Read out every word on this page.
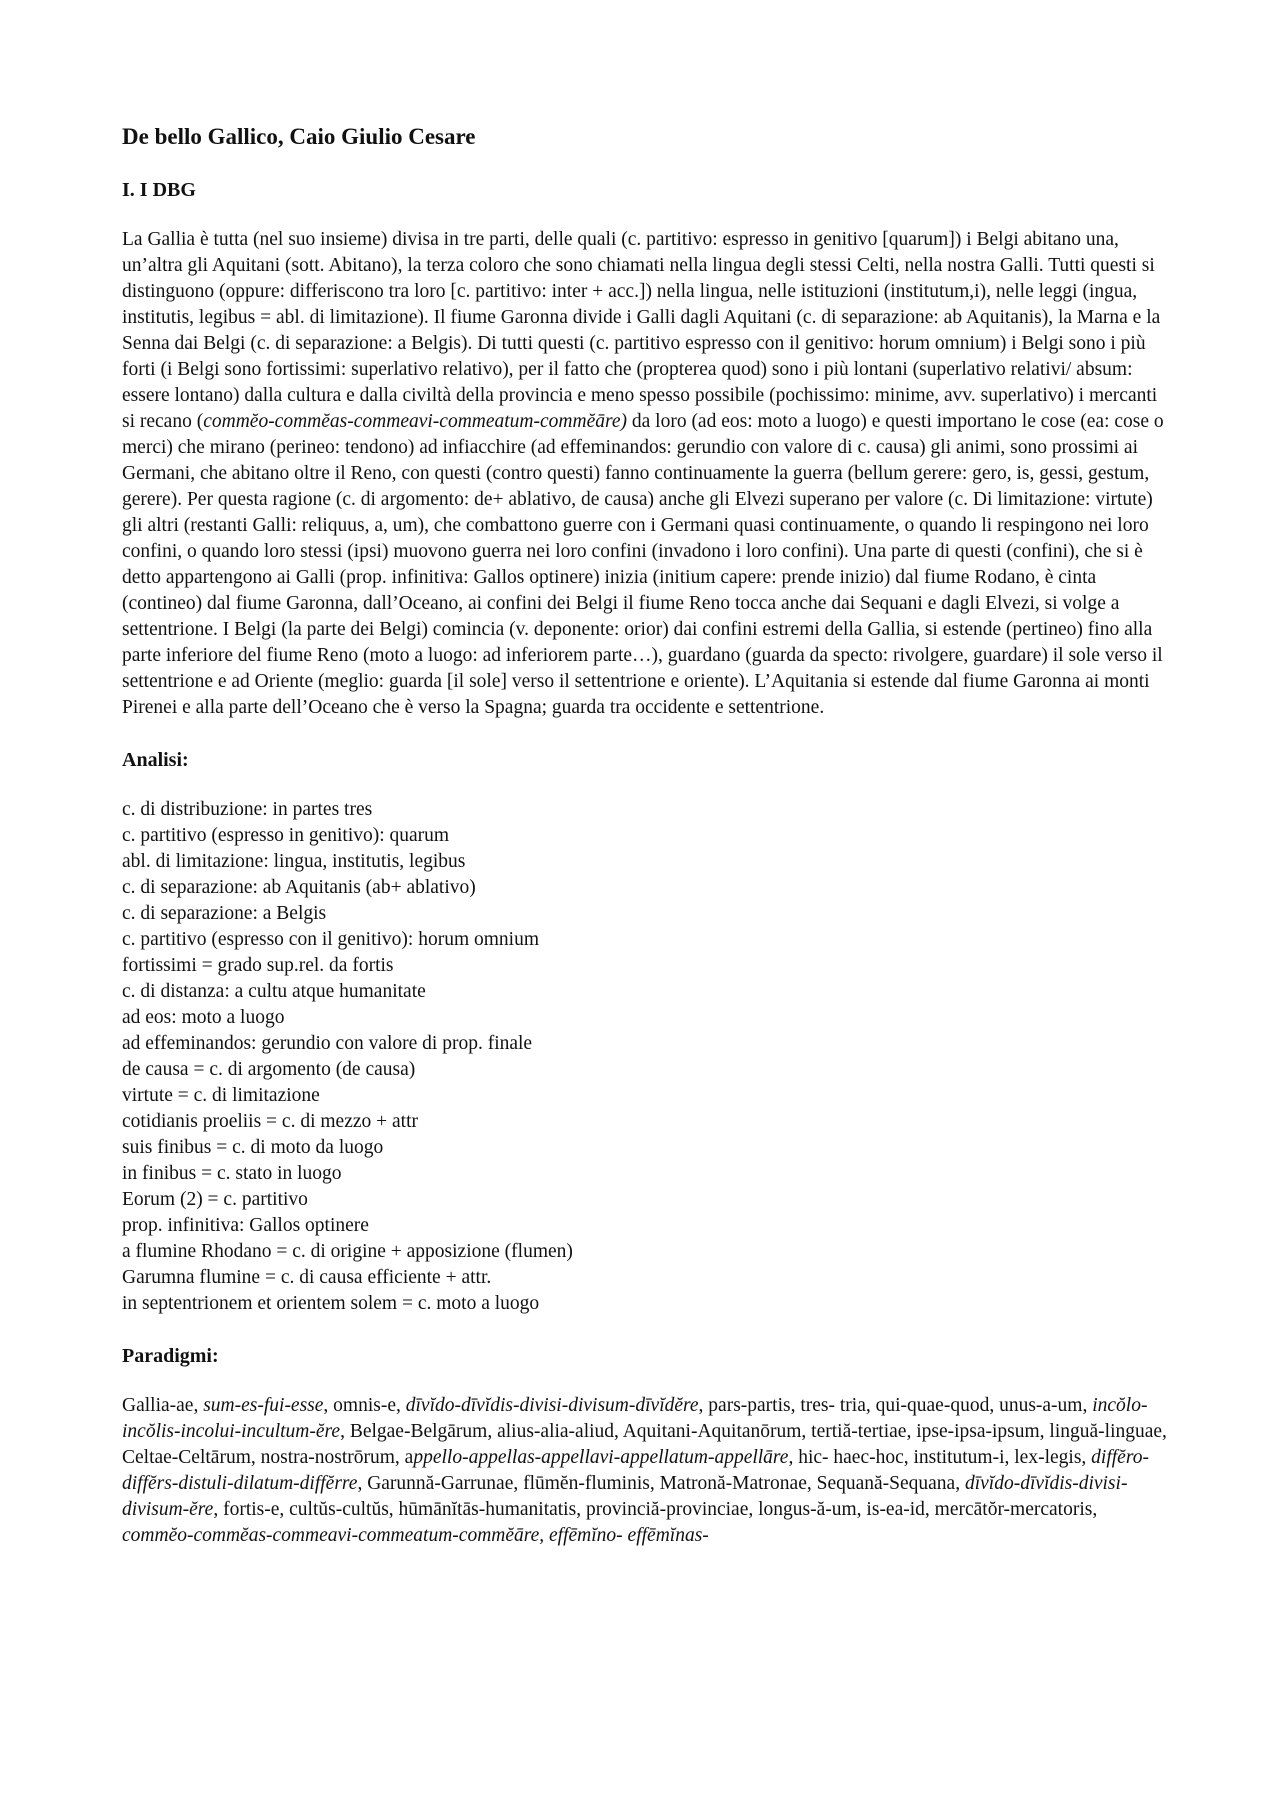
De bello Gallico, Caio Giulio Cesare
I. I DBG

La Gallia è tutta (nel suo insieme) divisa in tre parti, delle quali (c. partitivo: espresso in genitivo [quarum]) i Belgi abitano una, un’altra gli Aquitani (sott. Abitano), la terza coloro che sono chiamati nella lingua degli stessi Celti, nella nostra Galli. Tutti questi si distinguono (oppure: differiscono tra loro [c. partitivo: inter + acc.]) nella lingua, nelle istituzioni (institutum,i), nelle leggi (ingua, institutis, legibus = abl. di limitazione). Il fiume Garonna divide i Galli dagli Aquitani (c. di separazione: ab Aquitanis), la Marna e la Senna dai Belgi (c. di separazione: a Belgis). Di tutti questi (c. partitivo espresso con il genitivo: horum omnium) i Belgi sono i più forti (i Belgi sono fortissimi: superlativo relativo), per il fatto che (propterea quod) sono i più lontani (superlativo relativi/ absum: essere lontano) dalla cultura e dalla civiltà della provincia e meno spesso possibile (pochissimo: minime, avv. superlativo) i mercanti si recano (commĕo-commĕas-commeavi-commeatum-commĕāre) da loro (ad eos: moto a luogo) e questi importano le cose (ea: cose o merci) che mirano (perineo: tendono) ad infiacchire (ad effeminandos: gerundio con valore di c. causa) gli animi, sono prossimi ai Germani, che abitano oltre il Reno, con questi (contro questi) fanno continuamente la guerra (bellum gerere: gero, is, gessi, gestum, gerere). Per questa ragione (c. di argomento: de+ ablativo, de causa) anche gli Elvezi superano per valore (c. Di limitazione: virtute) gli altri (restanti Galli: reliquus, a, um), che combattono guerre con i Germani quasi continuamente, o quando li respingono nei loro confini, o quando loro stessi (ipsi) muovono guerra nei loro confini (invadono i loro confini). Una parte di questi (confini), che si è detto appartengono ai Galli (prop. infinitiva: Gallos optinere) inizia (initium capere: prende inizio) dal fiume Rodano, è cinta (contineo) dal fiume Garonna, dall’Oceano, ai confini dei Belgi il fiume Reno tocca anche dai Sequani e dagli Elvezi, si volge a settentrione. I Belgi (la parte dei Belgi) comincia (v. deponente: orior) dai confini estremi della Gallia, si estende (pertineo) fino alla parte inferiore del fiume Reno (moto a luogo: ad inferiorem parte…), guardano (guarda da specto: rivolgere, guardare) il sole verso il settentrione e ad Oriente (meglio: guarda [il sole] verso il settentrione e oriente). L’Aquitania si estende dal fiume Garonna ai monti Pirenei e alla parte dell’Oceano che è verso la Spagna; guarda tra occidente e settentrione.

Analisi:
c. di distribuzione: in partes tres
c. partitivo (espresso in genitivo): quarum
abl. di limitazione: lingua, institutis, legibus
c. di separazione: ab Aquitanis (ab+ ablativo)
c. di separazione: a Belgis
c. partitivo (espresso con il genitivo): horum omnium
fortissimi = grado sup.rel. da fortis
c. di distanza: a cultu atque humanitate
ad eos: moto a luogo
ad effeminandos: gerundio con valore di prop. finale
de causa = c. di argomento (de causa)
virtute = c. di limitazione
cotidianis proeliis = c. di mezzo + attr
suis finibus = c. di moto da luogo
in finibus = c. stato in luogo
Eorum (2) = c. partitivo
prop. infinitiva: Gallos optinere
a flumine Rhodano = c. di origine + apposizione (flumen)
Garumna flumine = c. di causa efficiente + attr.
in septentrionem et orientem solem = c. moto a luogo
Paradigmi:

Gallia-ae, sum-es-fui-esse, omnis-e, dīvĭdo-dīvĭdis-divisi-divisum-dīvĭdĕre, pars-partis, tres- tria, qui-quae-quod, unus-a-um, incŏlo-incŏlis-incolui-incultum-ĕre, Belgae-Belgārum, alius-alia-aliud, Aquitani-Aquitanōrum, tertiă-tertiae, ipse-ipsa-ipsum, linguă-linguae, Celtae-Celtārum, nostra-nostrōrum, appello-appellas-appellavi-appellatum-appellāre, hic- haec-hoc, institutum-i, lex-legis, diffĕro-diffĕrs-distuli-dilatum-diffĕrre, Garunnă-Garrunae, flūmĕn-fluminis, Matronă-Matronae, Sequană-Sequana, dīvĭdo-dīvĭdis-divisi-divisum-ĕre, fortis-e, cultŭs-cultŭs, hūmānĭtās-humanitatis, provinciă-provinciae, longus-ă-um, is-ea-id, mercātŏr-mercatoris, commĕo-commĕas-commeavi-commeatum-commĕāre, effēmĭno- effēmĭnas-
